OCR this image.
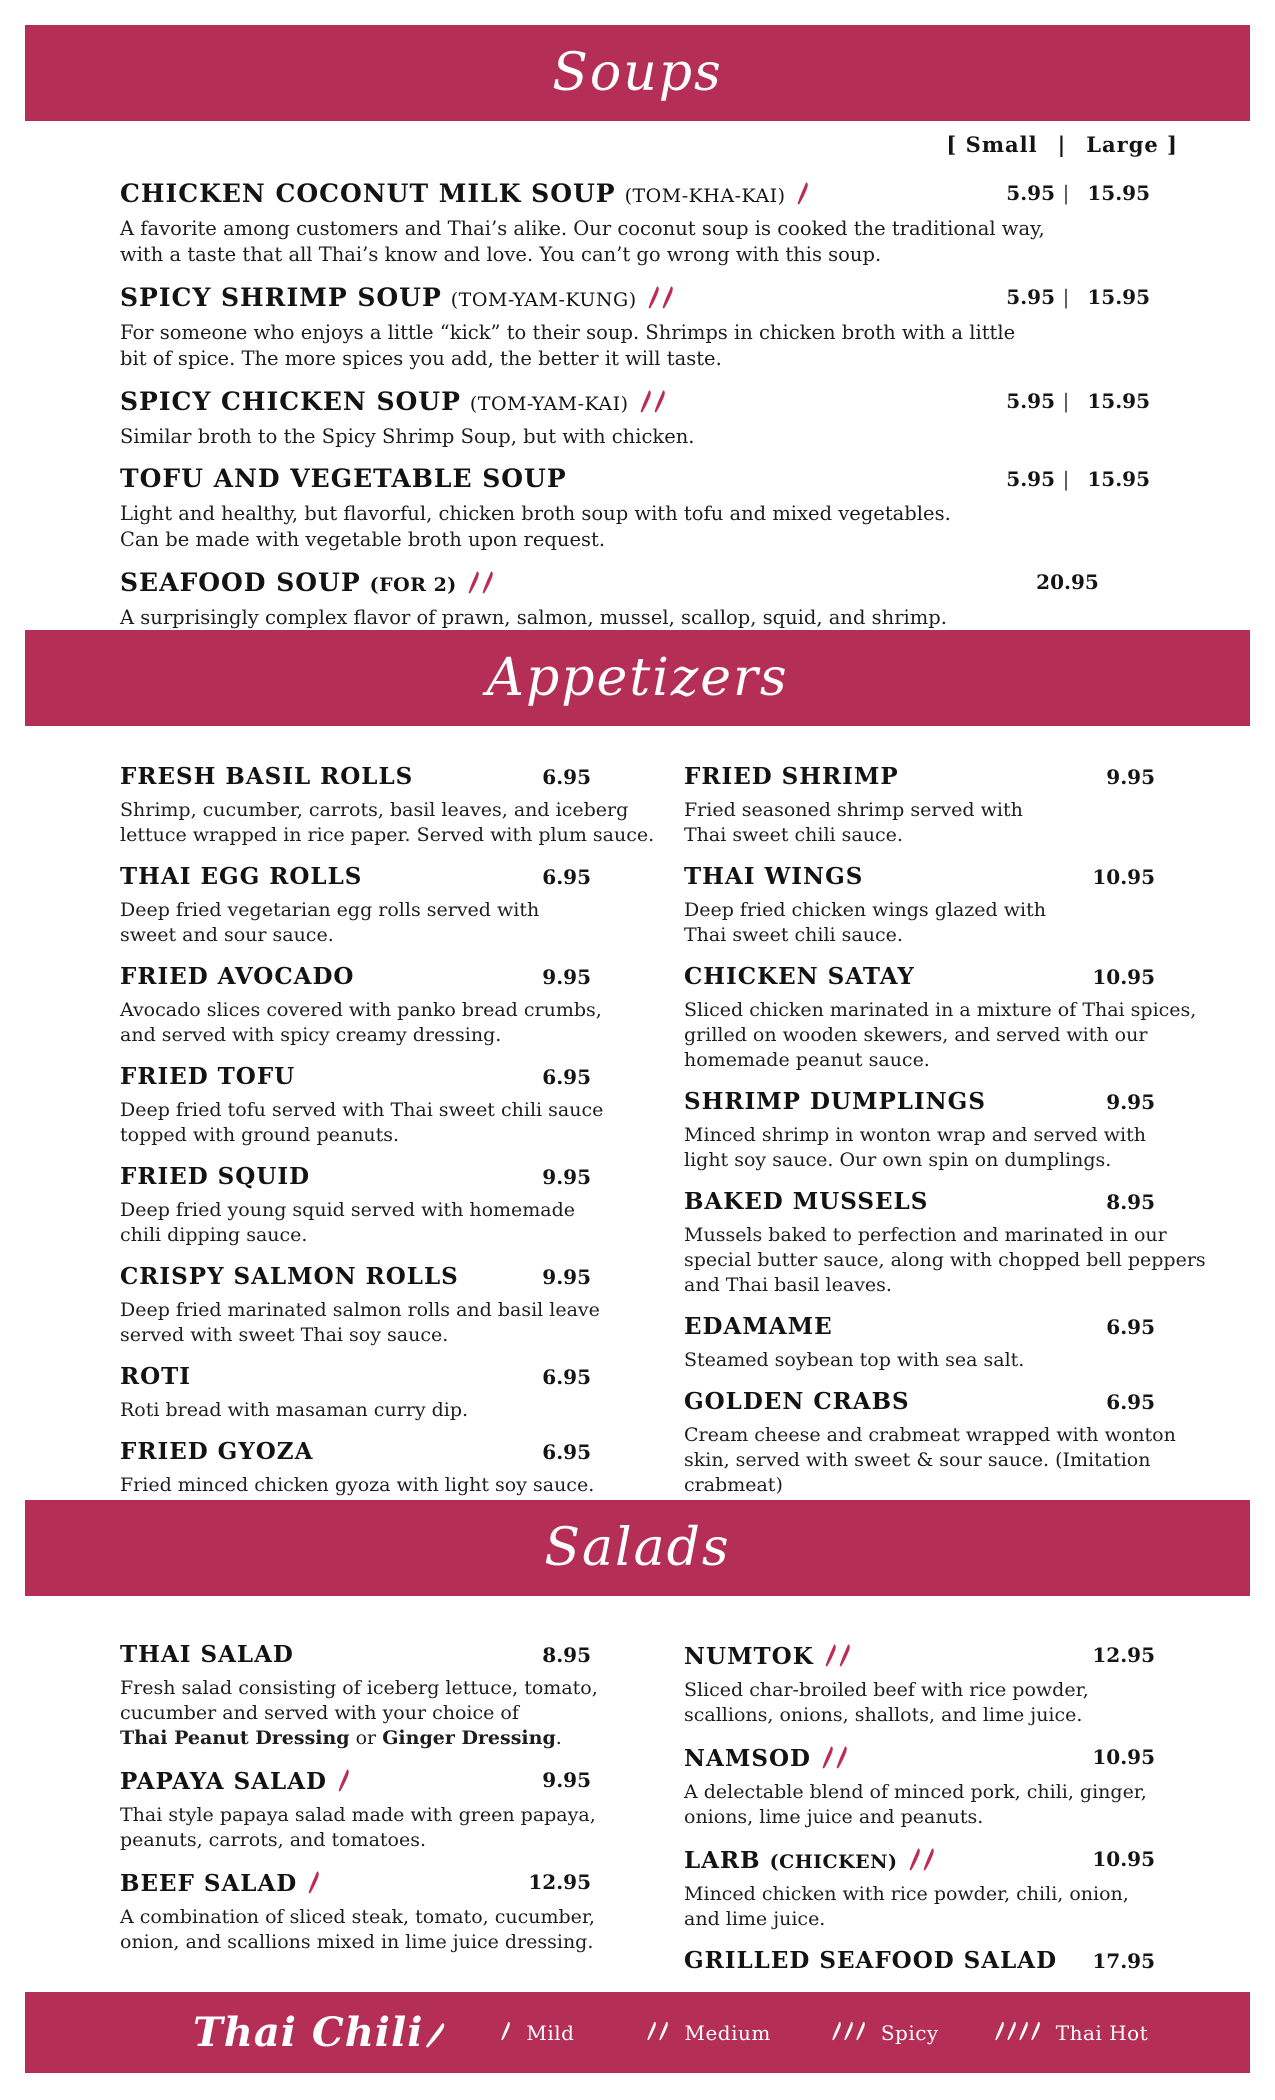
Soups
[ Small | Large ]
CHICKEN COCONUT MILK SOUP (TOM-KHA-KAI)	5.95 | 15.95
A favorite among customers and Thai’s alike. Our coconut soup is cooked the traditional way,
with a taste that all Thai’s know and love. You can’t go wrong with this soup.
SPICY SHRIMP SOUP (TOM-YAM-KUNG)	5.95 | 15.95
For someone who enjoys a little “kick” to their soup. Shrimps in chicken broth with a little
bit of spice. The more spices you add, the better it will taste.
SPICY CHICKEN SOUP (TOM-YAM-KAI)	5.95 | 15.95
Similar broth to the Spicy Shrimp Soup, but with chicken.
TOFU AND VEGETABLE SOUP	5.95 | 15.95
Light and healthy, but flavorful, chicken broth soup with tofu and mixed vegetables.
Can be made with vegetable broth upon request.
SEAFOOD SOUP (FOR 2)	20.95
A surprisingly complex flavor of prawn, salmon, mussel, scallop, squid, and shrimp.
Appetizers
FRESH BASIL ROLLS	6.95
Shrimp, cucumber, carrots, basil leaves, and iceberg
lettuce wrapped in rice paper. Served with plum sauce.
THAI EGG ROLLS	6.95
Deep fried vegetarian egg rolls served with
sweet and sour sauce.
FRIED AVOCADO	9.95
Avocado slices covered with panko bread crumbs,
and served with spicy creamy dressing.
FRIED TOFU	6.95
Deep fried tofu served with Thai sweet chili sauce
topped with ground peanuts.
FRIED SQUID	9.95
Deep fried young squid served with homemade
chili dipping sauce.
CRISPY SALMON ROLLS	9.95
Deep fried marinated salmon rolls and basil leave
served with sweet Thai soy sauce.
ROTI	6.95
Roti bread with masaman curry dip.
FRIED GYOZA	6.95
Fried minced chicken gyoza with light soy sauce.
FRIED SHRIMP	9.95
Fried seasoned shrimp served with
Thai sweet chili sauce.
THAI WINGS	10.95
Deep fried chicken wings glazed with
Thai sweet chili sauce.
CHICKEN SATAY	10.95
Sliced chicken marinated in a mixture of Thai spices,
grilled on wooden skewers, and served with our
homemade peanut sauce.
SHRIMP DUMPLINGS	9.95
Minced shrimp in wonton wrap and served with
light soy sauce. Our own spin on dumplings.
BAKED MUSSELS	8.95
Mussels baked to perfection and marinated in our
special butter sauce, along with chopped bell peppers
and Thai basil leaves.
EDAMAME	6.95
Steamed soybean top with sea salt.
GOLDEN CRABS	6.95
Cream cheese and crabmeat wrapped with wonton
skin, served with sweet & sour sauce. (Imitation
crabmeat)
Salads
THAI SALAD	8.95
Fresh salad consisting of iceberg lettuce, tomato,
cucumber and served with your choice of
Thai Peanut Dressing or Ginger Dressing.
PAPAYA SALAD	9.95
Thai style papaya salad made with green papaya,
peanuts, carrots, and tomatoes.
BEEF SALAD	12.95
A combination of sliced steak, tomato, cucumber,
onion, and scallions mixed in lime juice dressing.
NUMTOK	12.95
Sliced char-broiled beef with rice powder,
scallions, onions, shallots, and lime juice.
NAMSOD	10.95
A delectable blend of minced pork, chili, ginger,
onions, lime juice and peanuts.
LARB (CHICKEN)	10.95
Minced chicken with rice powder, chili, onion,
and lime juice.
GRILLED SEAFOOD SALAD 17.95
Thai Chili	Mild	Medium	Spicy	Thai Hot
